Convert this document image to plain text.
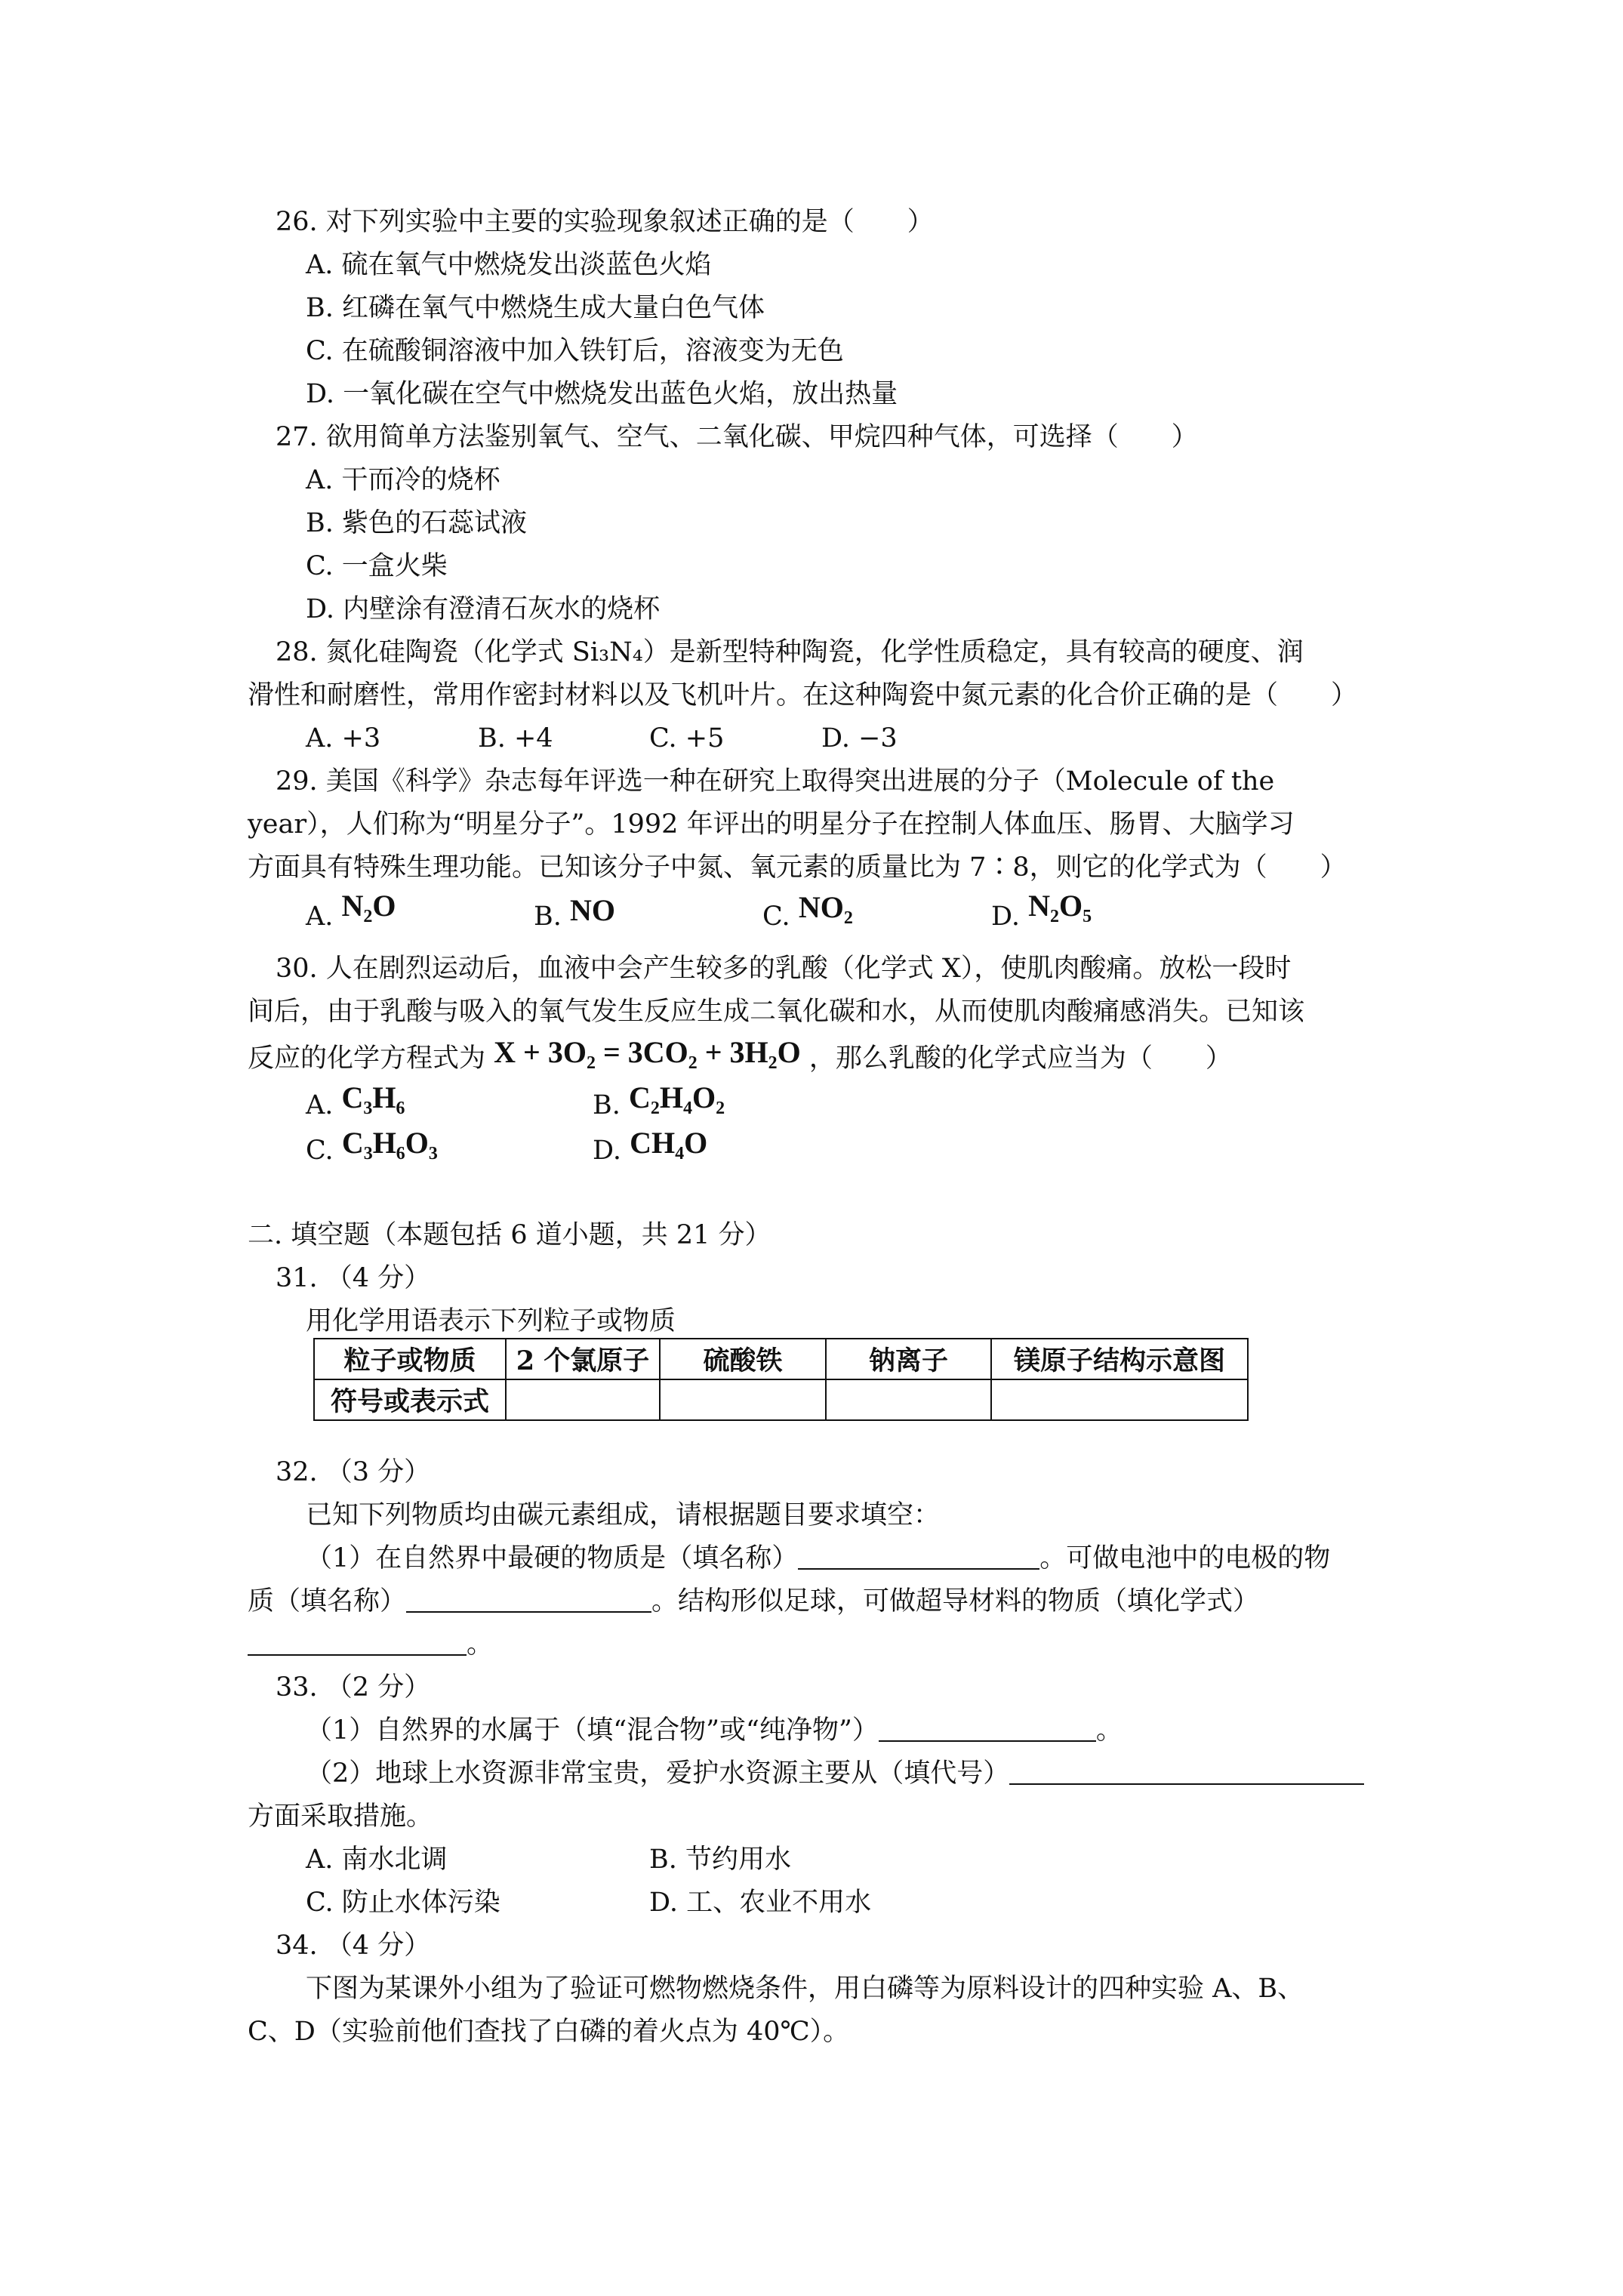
26. 对下列实验中主要的实验现象叙述正确的是（　　）
A. 硫在氧气中燃烧发出淡蓝色火焰
B. 红磷在氧气中燃烧生成大量白色气体
C. 在硫酸铜溶液中加入铁钉后，溶液变为无色
D. 一氧化碳在空气中燃烧发出蓝色火焰，放出热量
27. 欲用简单方法鉴别氧气、空气、二氧化碳、甲烷四种气体，可选择（　　）
A. 干而冷的烧杯
B. 紫色的石蕊试液
C. 一盒火柴
D. 内壁涂有澄清石灰水的烧杯
28. 氮化硅陶瓷（化学式 Si₃N₄）是新型特种陶瓷，化学性质稳定，具有较高的硬度、润
滑性和耐磨性，常用作密封材料以及飞机叶片。在这种陶瓷中氮元素的化合价正确的是（　　）
A. +3	B. +4	C. +5	D. −3
29. 美国《科学》杂志每年评选一种在研究上取得突出进展的分子（Molecule of the
year），人们称为“明星分子”。1992 年评出的明星分子在控制人体血压、肠胃、大脑学习
方面具有特殊生理功能。已知该分子中氮、氧元素的质量比为 7∶8，则它的化学式为（　　）
A. N₂O	B. NO	C. NO₂	D. N₂O₅
30. 人在剧烈运动后，血液中会产生较多的乳酸（化学式 X），使肌肉酸痛。放松一段时
间后，由于乳酸与吸入的氧气发生反应生成二氧化碳和水，从而使肌肉酸痛感消失。已知该
反应的化学方程式为 X + 3O₂ = 3CO₂ + 3H₂O ，那么乳酸的化学式应当为（　　）
A. C₃H₆	B. C₂H₄O₂
C. C₃H₆O₃	D. CH₄O
二. 填空题（本题包括 6 道小题，共 21 分）
31. （4 分）
用化学用语表示下列粒子或物质
粒子或物质	2 个氯原子	硫酸铁	钠离子	镁原子结构示意图
符号或表示式				
32. （3 分）
已知下列物质均由碳元素组成，请根据题目要求填空：
（1）在自然界中最硬的物质是（填名称）	。可做电池中的电极的物
质（填名称）	。结构形似足球，可做超导材料的物质（填化学式）
。
33. （2 分）
（1）自然界的水属于（填“混合物”或“纯净物”）	。
（2）地球上水资源非常宝贵，爱护水资源主要从（填代号）
方面采取措施。
A. 南水北调	B. 节约用水
C. 防止水体污染	D. 工、农业不用水
34. （4 分）
下图为某课外小组为了验证可燃物燃烧条件，用白磷等为原料设计的四种实验 A、B、
C、D（实验前他们查找了白磷的着火点为 40℃）。
